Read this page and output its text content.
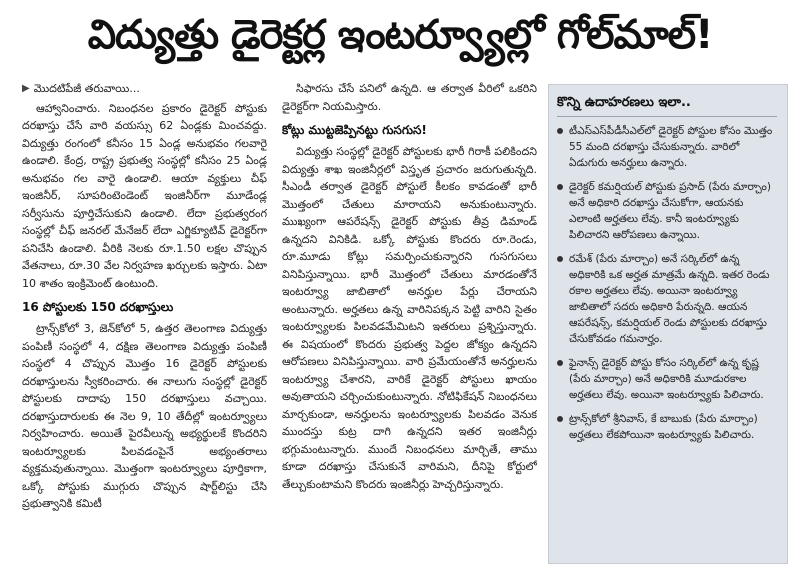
విద్యుత్తు డైరెక్టర్ల ఇంటర్వ్యూల్లో గోల్‌మాల్‌!
▶ మొదటిపేజీ తరువాయి...

ఆహ్వానించారు. నిబంధనల ప్రకారం డైరెక్టర్‌ పోస్టుకు దరఖాస్తు చేసే వారి వయస్సు 62 ఏండ్లకు మించవద్దు. విద్యుత్తు రంగంలో కనీసం 15 ఏండ్ల అనుభవం గలవారై ఉండాలి. కేంద్ర, రాష్ట్ర ప్రభుత్వ సంస్థల్లో కనీసం 25 ఏండ్ల అనుభవం గల వారై ఉండాలి. ఆయా వ్యక్తులు చీఫ్‌ ఇంజినీర్‌, సూపరింటెండెంట్‌ ఇంజినీర్‌గా మూడేండ్ల సర్వీసును పూర్తిచేసుకుని ఉండాలి. లేదా ప్రభుత్వరంగ సంస్థల్లో చీఫ్‌ జనరల్‌ మేనేజర్‌ లేదా ఎగ్జిక్యూటివ్‌ డైరెక్టర్‌గా పనిచేసి ఉండాలి. వీరికి నెలకు రూ.1.50 లక్షల చొప్పున వేతనాలు, రూ.30 వేల నిర్వహణ ఖర్చులకు ఇస్తారు. ఏటా 10 శాతం ఇంక్రిమెంట్‌ ఉంటుంది.

16 పోస్టులకు 150 దరఖాస్తులు

ట్రాన్స్‌కోలో 3, జెన్‌కోలో 5, ఉత్తర తెలంగాణ విద్యుత్తు పంపిణీ సంస్థలో 4, దక్షిణ తెలంగాణ విద్యుత్తు పంపిణీ సంస్థలో 4 చొప్పున మొత్తం 16 డైరెక్టర్‌ పోస్టులకు దరఖాస్తులను స్వీకరించారు. ఈ నాలుగు సంస్థల్లో డైరెక్టర్‌ పోస్టులకు దాదాపు 150 దరఖాస్తులు వచ్చాయి. దరఖాస్తుదారులకు ఈ నెల 9, 10 తేదీల్లో ఇంటర్వ్యూలు నిర్వహించారు. అయితే పైరవీలున్న అభ్యర్థులకే కొందరిని ఇంటర్వ్యూలకు పిలవడంపైనే అభ్యంతరాలు వ్యక్తమవుతున్నాయి. మొత్తంగా ఇంటర్వ్యూలు పూర్తికాగా, ఒక్కో పోస్టుకు ముగ్గురు చొప్పున షార్ట్‌లిస్టు చేసి ప్రభుత్వానికి కమిటీ

సిఫారసు చేసే పనిలో ఉన్నది. ఆ తర్వాత వీరిలో ఒకరిని డైరెక్టర్‌గా నియమిస్తారు.

కోట్లు ముట్టజెప్పినట్టు గుసగుస!

విద్యుత్తు సంస్థల్లో డైరెక్టర్‌ పోస్టులకు భారీ గిరాకీ పలికిందని విద్యుత్తు శాఖ ఇంజినీర్లలో విస్తృత ప్రచారం జరుగుతున్నది. సీఎండీ తర్వాత డైరెక్టర్‌ పోస్టులే కీలకం కావడంతో భారీ మొత్తంలో చేతులు మారాయని అనుకుంటున్నారు. ముఖ్యంగా ఆపరేషన్స్‌ డైరెక్టర్‌ పోస్టుకు తీవ్ర డిమాండ్‌ ఉన్నదని వినికిడి. ఒక్కో పోస్టుకు కొందరు రూ.రెండు, రూ.మూడు కోట్లు సమర్పించుకున్నారని గుసగుసలు వినిపిస్తున్నాయి. భారీ మొత్తంలో చేతులు మారడంతోనే ఇంటర్వ్యూ జాబితాలో అనర్హుల పేర్లు చేరాయని అంటున్నారు. అర్హతలు ఉన్న వారినిపక్కన పెట్టి వారిని సైతం ఇంటర్వ్యూలకు పిలవడమేమిటని ఇతరులు ప్రశ్నిస్తున్నారు. ఈ విషయంలో కొందరు ప్రభుత్వ పెద్దల జోక్యం ఉన్నదని ఆరోపణలు వినిపిస్తున్నాయి. వారి ప్రమేయంతోనే అనర్హులను ఇంటర్వ్యూ చేశారని, వారికే డైరెక్టర్‌ పోస్టులు ఖాయం అవుతాయని చర్చించుకుంటున్నారు. నోటిఫికేషన్‌ నిబంధనలు మార్చకుండా, అనర్హులను ఇంటర్వ్యూలకు పిలవడం వెనుక ముందస్తు కుట్ర దాగి ఉన్నదని ఇతర ఇంజినీర్లు భగ్గుమంటున్నారు. ముందే నిబంధనలు మార్చితే, తాము కూడా దరఖాస్తు చేసుకునే వారిమని, దీనిపై కోర్టులో తేల్చుకుంటామని కొందరు ఇంజినీర్లు హెచ్చరిస్తున్నారు.

కొన్ని ఉదాహరణలు ఇలా..
టీఎస్‌ఎస్‌పీడీసీఎల్‌లో డైరెక్టర్‌ పోస్టుల కోసం మొత్తం 55 మంది దరఖాస్తు చేసుకున్నారు. వారిలో ఏడుగురు అనర్హులు ఉన్నారు.
డైరెక్టర్‌ కమర్షియల్‌ పోస్టుకు ప్రసాద్‌ (పేరు మార్చాం) అనే అధికారి దరఖాస్తు చేసుకోగా, ఆయనకు ఎలాంటి అర్హతలు లేవు. కానీ ఇంటర్వ్యూకు పిలిచారని ఆరోపణలు ఉన్నాయి.
రమేశ్‌ (పేరు మార్చాం) అనే సర్కిల్‌లో ఉన్న అధికారికి ఒక అర్హత మాత్రమే ఉన్నది. ఇతర రెండు రకాల అర్హతలు లేవు. అయినా ఇంటర్వ్యూ జాబితాలో సదరు అధికారి పేరున్నది. ఆయన ఆపరేషన్స్‌, కమర్షియల్‌ రెండు పోస్టులకు దరఖాస్తు చేసుకోవడం గమనార్హం.
ఫైనాన్స్‌ డైరెక్టర్‌ పోస్టు కోసం సర్కిల్‌లో ఉన్న కృష్ణ (పేరు మార్చాం) అనే అధికారికి మూడురకాల అర్హతలు లేవు. అయినా ఇంటర్వ్యూకు పిలిచారు.
ట్రాన్స్‌కోలో శ్రీనివాస్‌, కే బాబుకు (పేరు మార్చాం) అర్హతలు లేకపోయినా ఇంటర్వ్యూకు పిలిచారు.
